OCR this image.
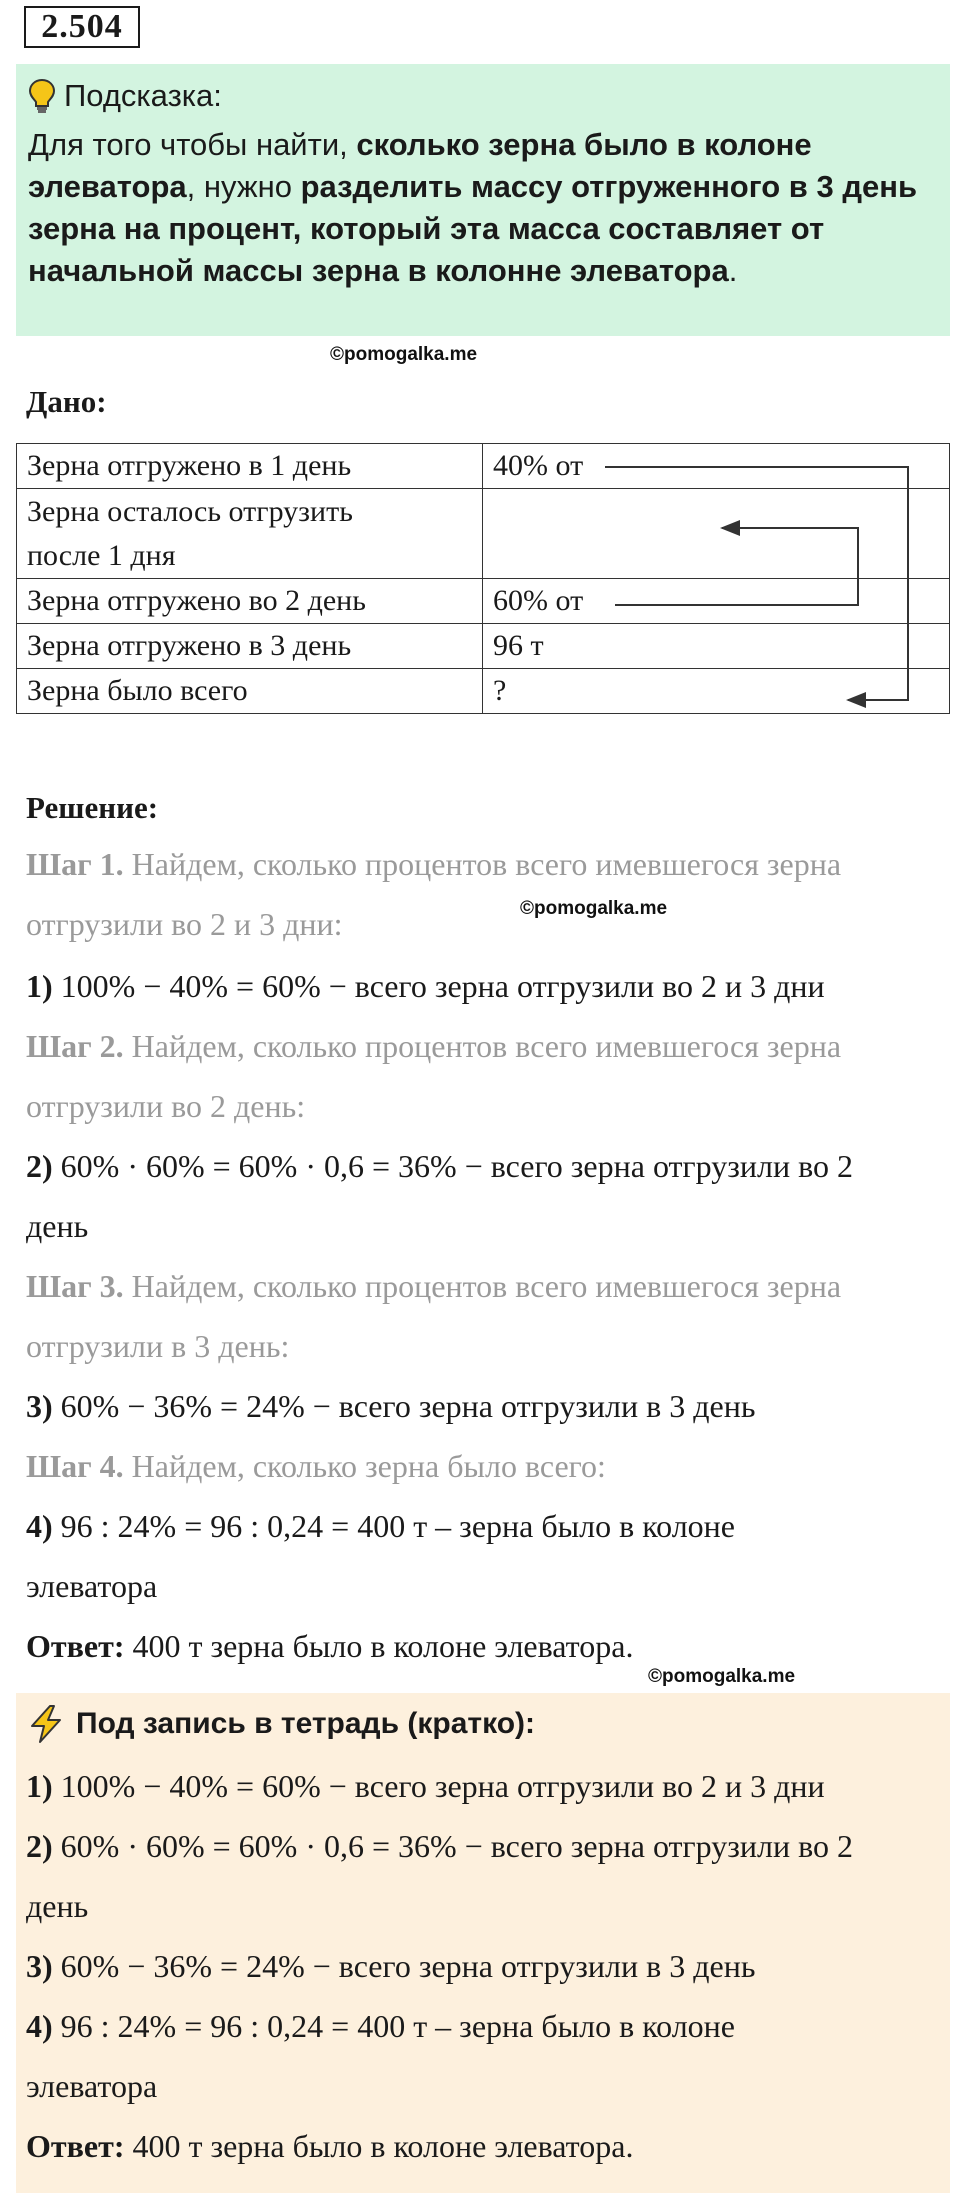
2.504
Подсказка:
Для того чтобы найти, сколько зерна было в колоне элеватора, нужно разделить массу отгруженного в 3 день зерна на процент, который эта масса составляет от начальной массы зерна в колонне элеватора.
©pomogalka.me
Дано:
Зерна отгружено в 1 день	40% от

Зерна осталось отгрузить
после 1 дня	

Зерна отгружено во 2 день	60% от
Зерна отгружено в 3 день	96 т
Зерна было всего	?
Решение:
Шаг 1. Найдем, сколько процентов всего имевшегося зерна
отгрузили во 2 и 3 дни:	©pomogalka.me
1) 100% − 40% = 60% − всего зерна отгрузили во 2 и 3 дни
Шаг 2. Найдем, сколько процентов всего имевшегося зерна
отгрузили во 2 день:
2) 60% · 60% = 60% · 0,6 = 36% − всего зерна отгрузили во 2
день
Шаг 3. Найдем, сколько процентов всего имевшегося зерна
отгрузили в 3 день:
3) 60% − 36% = 24% − всего зерна отгрузили в 3 день
Шаг 4. Найдем, сколько зерна было всего:
4) 96 : 24% = 96 : 0,24 = 400 т – зерна было в колоне
элеватора
Ответ: 400 т зерна было в колоне элеватора.
©pomogalka.me
Под запись в тетрадь (кратко):
1) 100% − 40% = 60% − всего зерна отгрузили во 2 и 3 дни
2) 60% · 60% = 60% · 0,6 = 36% − всего зерна отгрузили во 2
день
3) 60% − 36% = 24% − всего зерна отгрузили в 3 день
4) 96 : 24% = 96 : 0,24 = 400 т – зерна было в колоне
элеватора
Ответ: 400 т зерна было в колоне элеватора.
